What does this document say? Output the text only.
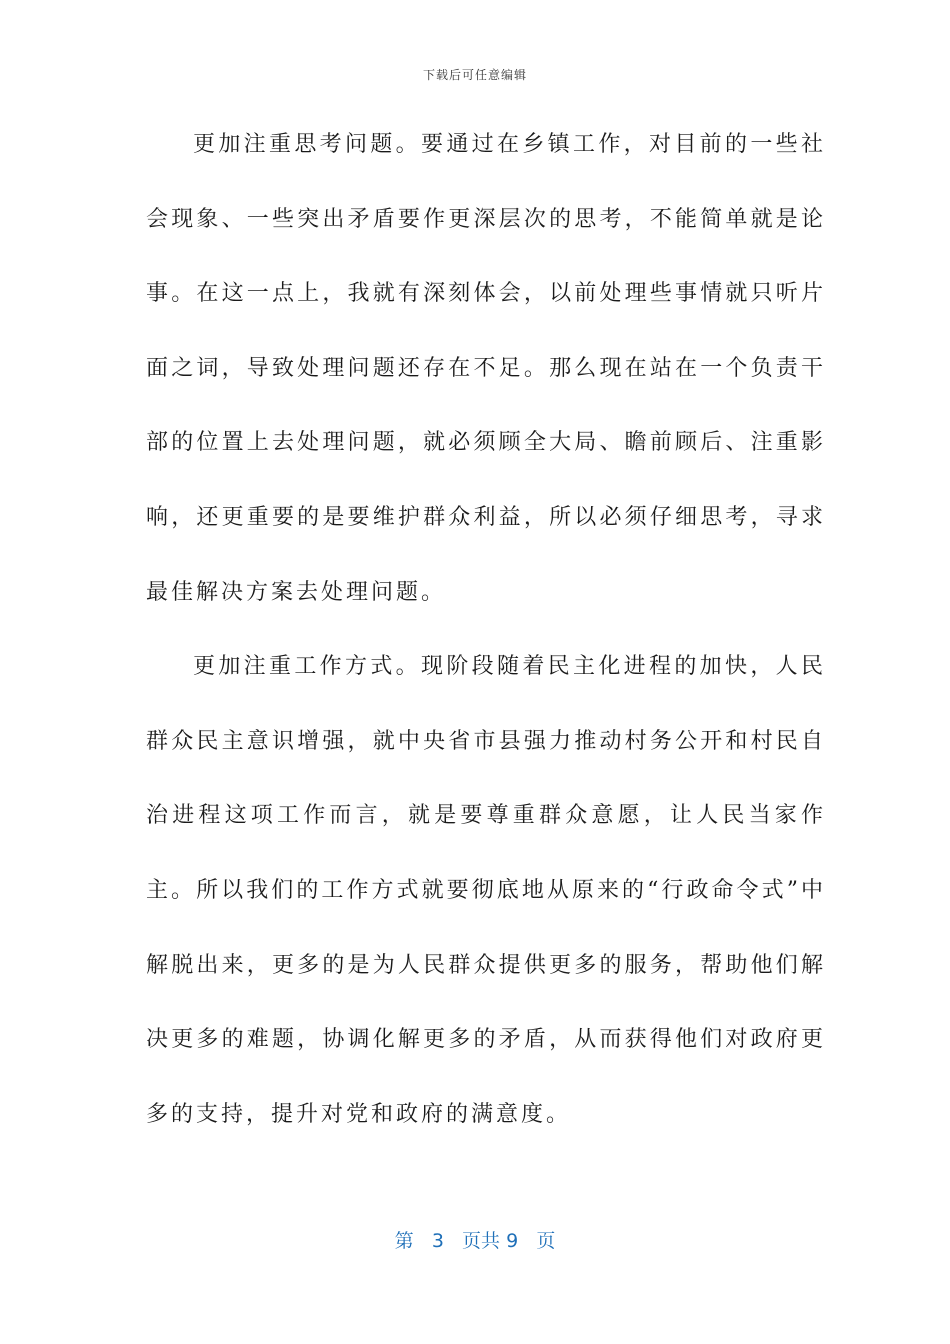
下载后可任意编辑

更加注重思考问题。要通过在乡镇工作，对目前的一些社会现象、一些突出矛盾要作更深层次的思考，不能简单就是论事。在这一点上，我就有深刻体会，以前处理些事情就只听片面之词，导致处理问题还存在不足。那么现在站在一个负责干部的位置上去处理问题，就必须顾全大局、瞻前顾后、注重影响，还更重要的是要维护群众利益，所以必须仔细思考，寻求最佳解决方案去处理问题。

更加注重工作方式。现阶段随着民主化进程的加快，人民群众民主意识增强，就中央省市县强力推动村务公开和村民自治进程这项工作而言，就是要尊重群众意愿，让人民当家作主。所以我们的工作方式就要彻底地从原来的“行政命令式”中解脱出来，更多的是为人民群众提供更多的服务，帮助他们解决更多的难题，协调化解更多的矛盾，从而获得他们对政府更多的支持，提升对党和政府的满意度。

第 3 页共 9 页
